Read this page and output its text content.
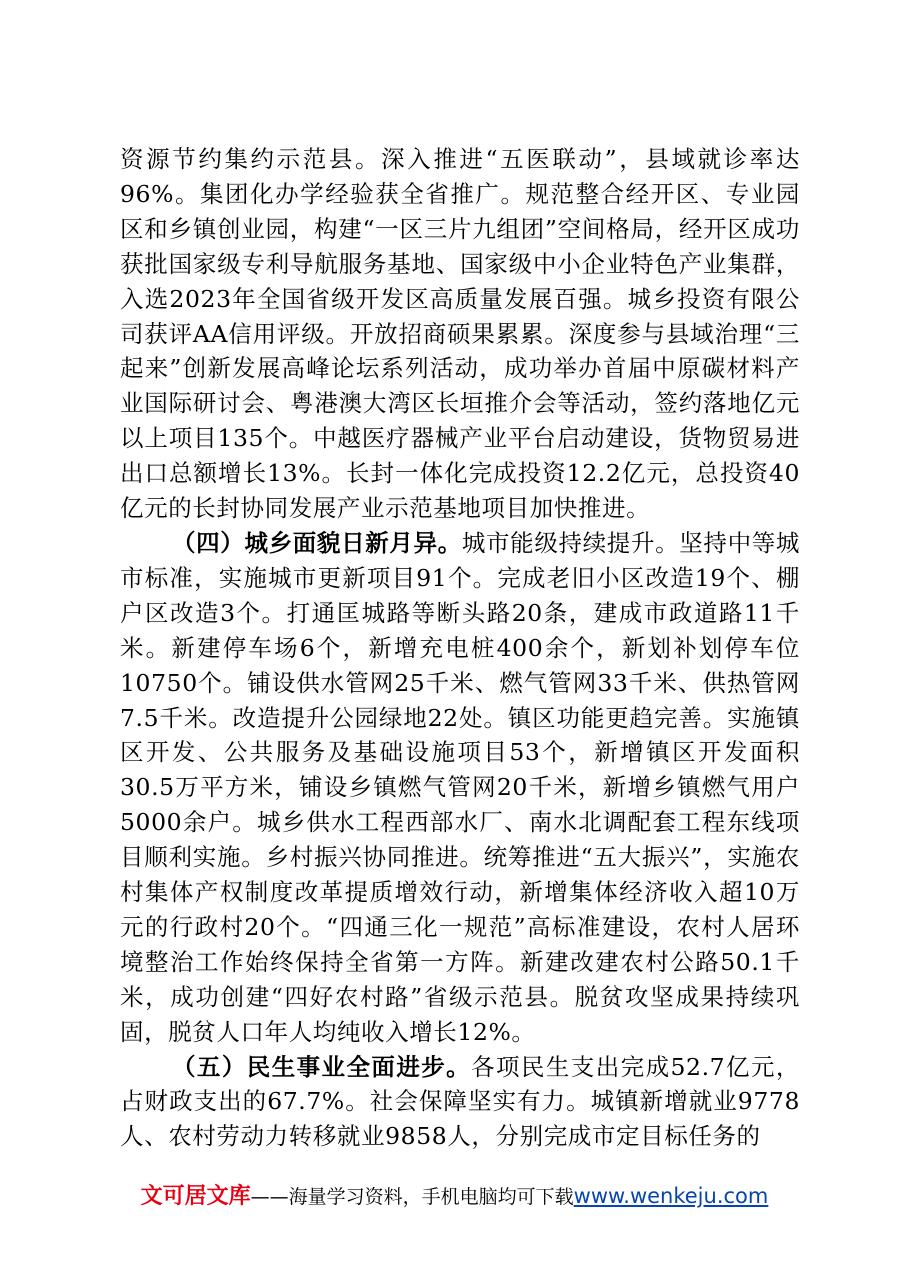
资源节约集约示范县。深入推进“五医联动”，县域就诊率达96%。集团化办学经验获全省推广。规范整合经开区、专业园区和乡镇创业园，构建“一区三片九组团”空间格局，经开区成功获批国家级专利导航服务基地、国家级中小企业特色产业集群，入选2023年全国省级开发区高质量发展百强。城乡投资有限公司获评AA信用评级。开放招商硕果累累。深度参与县域治理“三起来”创新发展高峰论坛系列活动，成功举办首届中原碳材料产业国际研讨会、粤港澳大湾区长垣推介会等活动，签约落地亿元以上项目135个。中越医疗器械产业平台启动建设，货物贸易进出口总额增长13%。长封一体化完成投资12.2亿元，总投资40亿元的长封协同发展产业示范基地项目加快推进。

（四）城乡面貌日新月异。城市能级持续提升。坚持中等城市标准，实施城市更新项目91个。完成老旧小区改造19个、棚户区改造3个。打通匡城路等断头路20条，建成市政道路11千米。新建停车场6个，新增充电桩400余个，新划补划停车位10750个。铺设供水管网25千米、燃气管网33千米、供热管网7.5千米。改造提升公园绿地22处。镇区功能更趋完善。实施镇区开发、公共服务及基础设施项目53个，新增镇区开发面积30.5万平方米，铺设乡镇燃气管网20千米，新增乡镇燃气用户5000余户。城乡供水工程西部水厂、南水北调配套工程东线项目顺利实施。乡村振兴协同推进。统筹推进“五大振兴”，实施农村集体产权制度改革提质增效行动，新增集体经济收入超10万元的行政村20个。“四通三化一规范”高标准建设，农村人居环境整治工作始终保持全省第一方阵。新建改建农村公路50.1千米，成功创建“四好农村路”省级示范县。脱贫攻坚成果持续巩固，脱贫人口年人均纯收入增长12%。

（五）民生事业全面进步。各项民生支出完成52.7亿元，占财政支出的67.7%。社会保障坚实有力。城镇新增就业9778人、农村劳动力转移就业9858人，分别完成市定目标任务的

文可居文库——海量学习资料，手机电脑均可下载www.wenkeju.com
